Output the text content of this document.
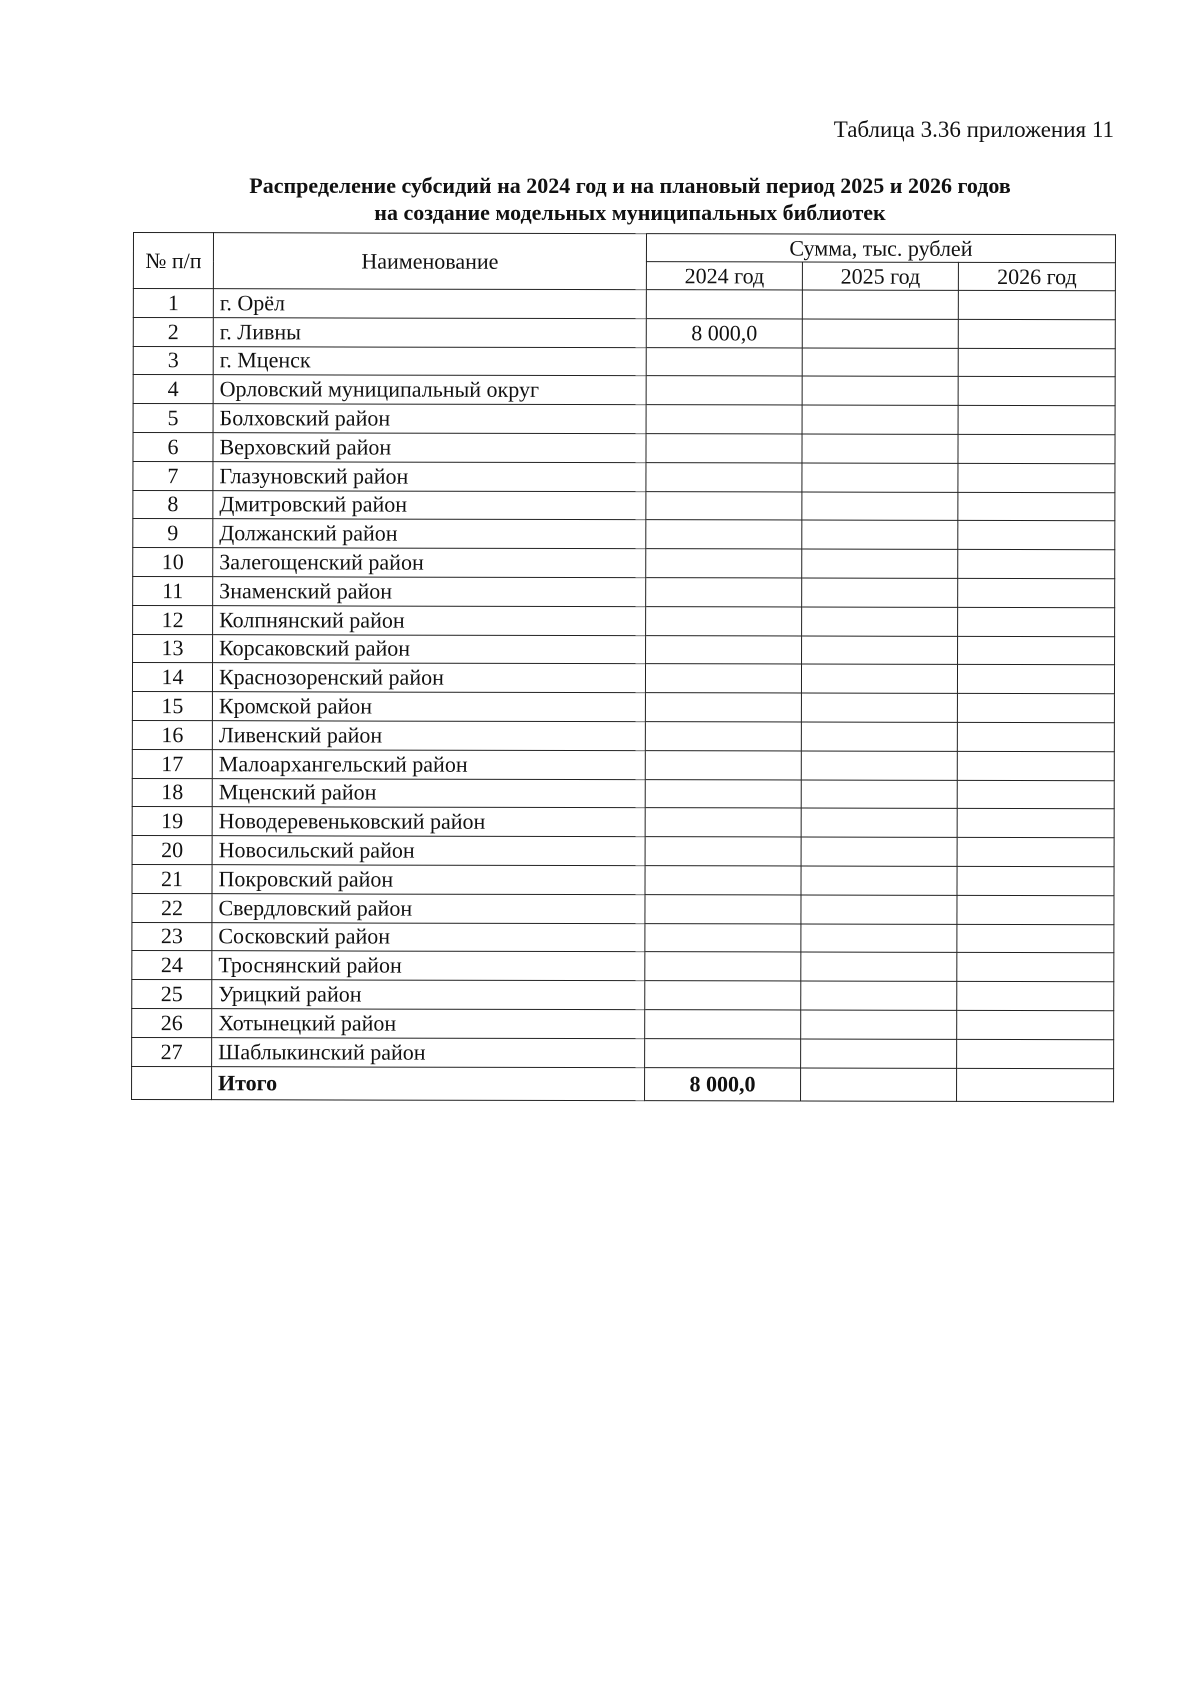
Таблица 3.36 приложения 11
Распределение субсидий на 2024 год и на плановый период 2025 и 2026 годов
на создание модельных муниципальных библиотек
№ п/п	Наименование	Сумма, тыс. рублей		
		2024 год	2025 год	2026 год
1	г. Орёл			
2	г. Ливны	8 000,0		
3	г. Мценск			
4	Орловский муниципальный округ			
5	Болховский район			
6	Верховский район			
7	Глазуновский район			
8	Дмитровский район			
9	Должанский район			
10	Залегощенский район			
11	Знаменский район			
12	Колпнянский район			
13	Корсаковский район			
14	Краснозоренский район			
15	Кромской район			
16	Ливенский район			
17	Малоархангельский район			
18	Мценский район			
19	Новодеревеньковский район			
20	Новосильский район			
21	Покровский район			
22	Свердловский район			
23	Сосковский район			
24	Троснянский район			
25	Урицкий район			
26	Хотынецкий район			
27	Шаблыкинский район			
	Итого	8 000,0		
